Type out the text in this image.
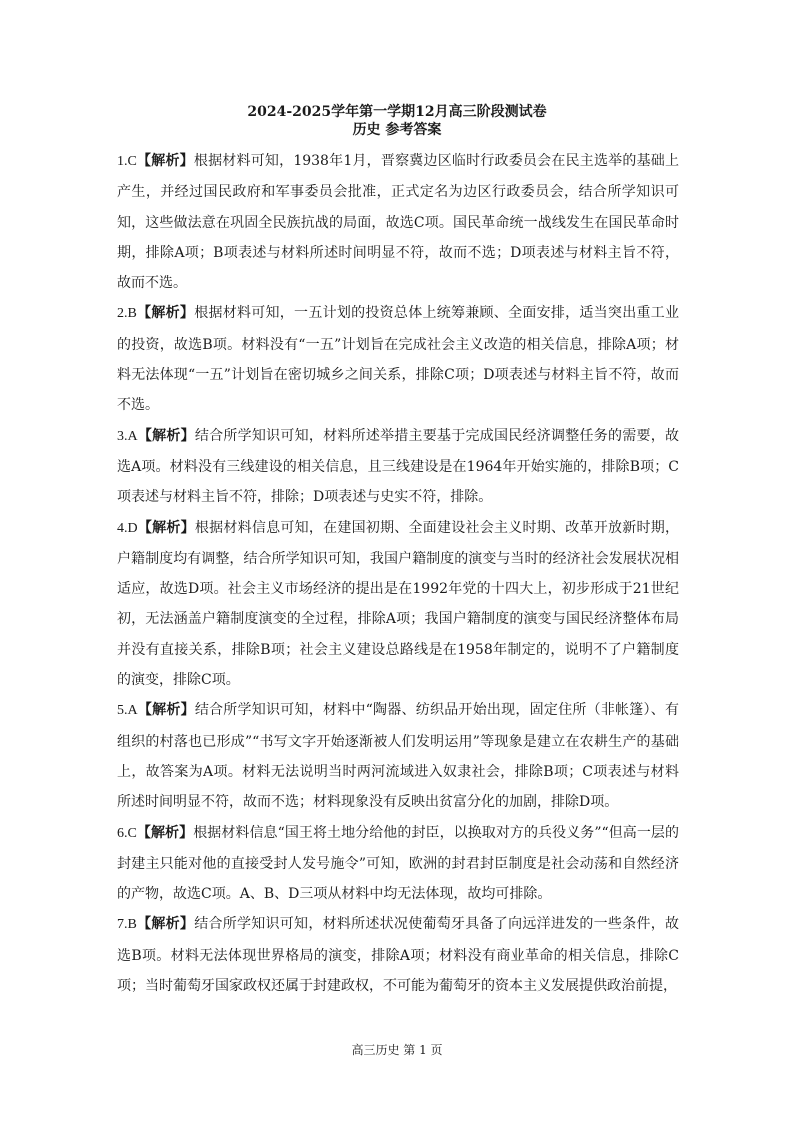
2024-2025学年第一学期12月高三阶段测试卷
历史 参考答案

1.C【解析】根据材料可知，1938年1月，晋察冀边区临时行政委员会在民主选举的基础上产生，并经过国民政府和军事委员会批准，正式定名为边区行政委员会，结合所学知识可知，这些做法意在巩固全民族抗战的局面，故选C项。国民革命统一战线发生在国民革命时期，排除A项；B项表述与材料所述时间明显不符，故而不选；D项表述与材料主旨不符，故而不选。

2.B【解析】根据材料可知，一五计划的投资总体上统筹兼顾、全面安排，适当突出重工业的投资，故选B项。材料没有“一五”计划旨在完成社会主义改造的相关信息，排除A项；材料无法体现“一五”计划旨在密切城乡之间关系，排除C项；D项表述与材料主旨不符，故而不选。

3.A【解析】结合所学知识可知，材料所述举措主要基于完成国民经济调整任务的需要，故选A项。材料没有三线建设的相关信息，且三线建设是在1964年开始实施的，排除B项；C项表述与材料主旨不符，排除；D项表述与史实不符，排除。

4.D【解析】根据材料信息可知，在建国初期、全面建设社会主义时期、改革开放新时期，户籍制度均有调整，结合所学知识可知，我国户籍制度的演变与当时的经济社会发展状况相适应，故选D项。社会主义市场经济的提出是在1992年党的十四大上，初步形成于21世纪初，无法涵盖户籍制度演变的全过程，排除A项；我国户籍制度的演变与国民经济整体布局并没有直接关系，排除B项；社会主义建设总路线是在1958年制定的，说明不了户籍制度的演变，排除C项。

5.A【解析】结合所学知识可知，材料中“陶器、纺织品开始出现，固定住所（非帐篷）、有组织的村落也已形成”“书写文字开始逐渐被人们发明运用”等现象是建立在农耕生产的基础上，故答案为A项。材料无法说明当时两河流域进入奴隶社会，排除B项；C项表述与材料所述时间明显不符，故而不选；材料现象没有反映出贫富分化的加剧，排除D项。

6.C【解析】根据材料信息“国王将土地分给他的封臣，以换取对方的兵役义务”“但高一层的封建主只能对他的直接受封人发号施令”可知，欧洲的封君封臣制度是社会动荡和自然经济的产物，故选C项。A、B、D三项从材料中均无法体现，故均可排除。

7.B【解析】结合所学知识可知，材料所述状况使葡萄牙具备了向远洋进发的一些条件，故选B项。材料无法体现世界格局的演变，排除A项；材料没有商业革命的相关信息，排除C项；当时葡萄牙国家政权还属于封建政权，不可能为葡萄牙的资本主义发展提供政治前提，

高三历史 第 1 页
